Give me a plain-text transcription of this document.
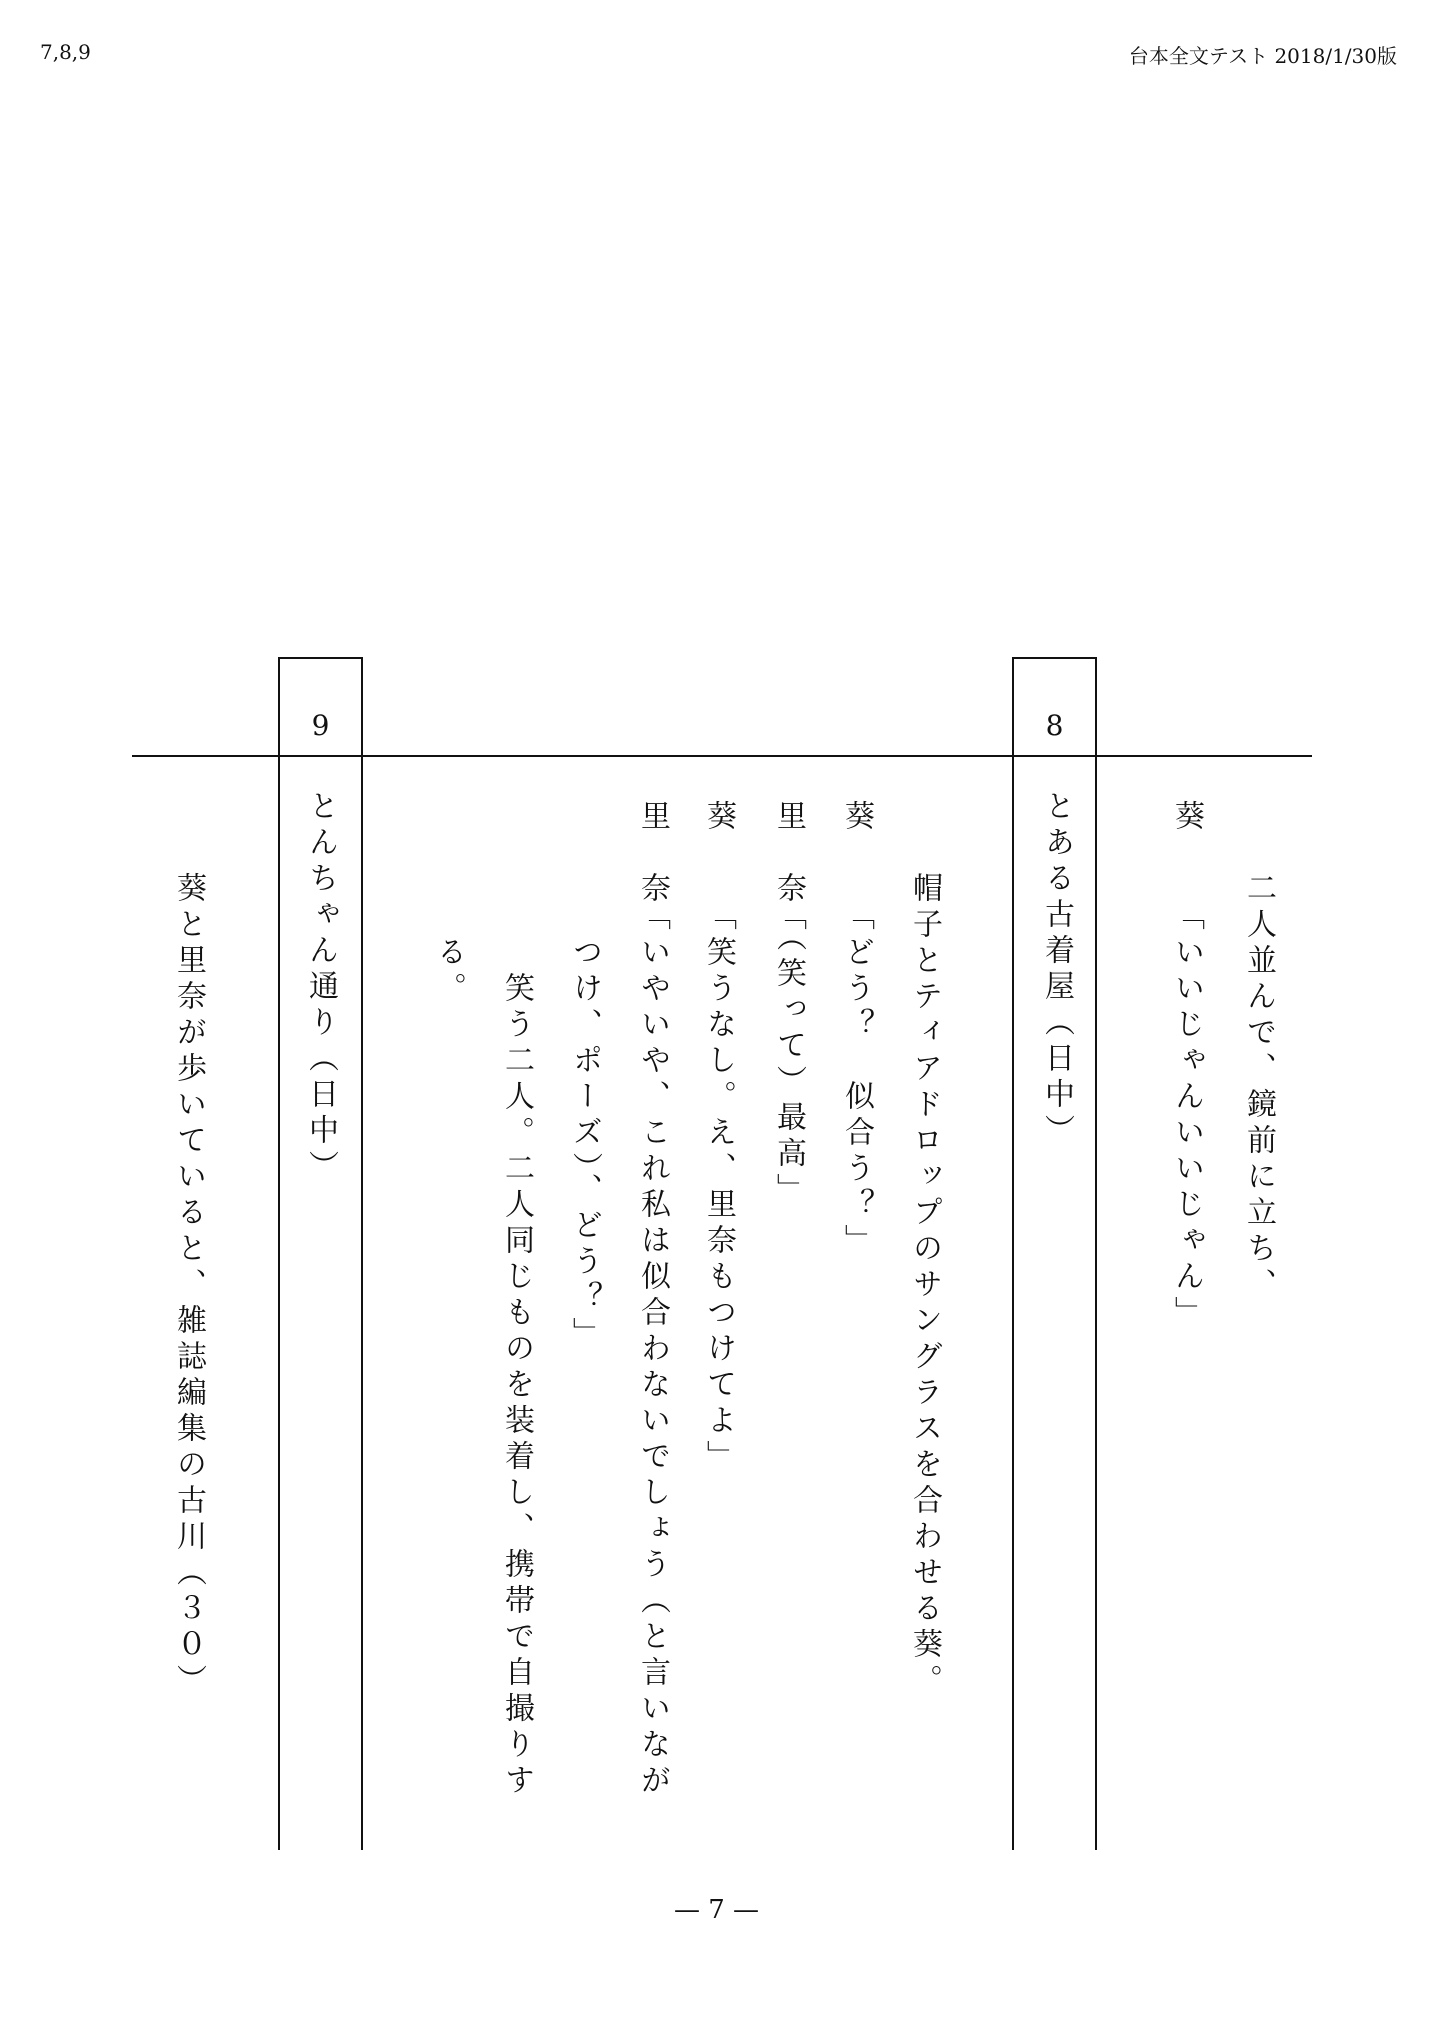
7,8,9	台本全文テスト 2018/1/30版
8
9
　　二人並んで、鏡前に立ち、
葵「いいじゃんいいじゃん」
とある古着屋（日中）
　　帽子とティアドロップのサングラスを合わせる葵。
葵「どう？　似合う？」
里　奈「（笑って）最高」
葵「笑うなし。え、里奈もつけてよ」
里　奈「いやいや、これ私は似合わないでしょう（と言いなが
　つけ、ポーズ）、どう？」
　　笑う二人。二人同じものを装着し、携帯で自撮りす
　る。
とんちゃん通り（日中）
　　葵と里奈が歩いていると、雑誌編集の古川（３０）
— 7 —
